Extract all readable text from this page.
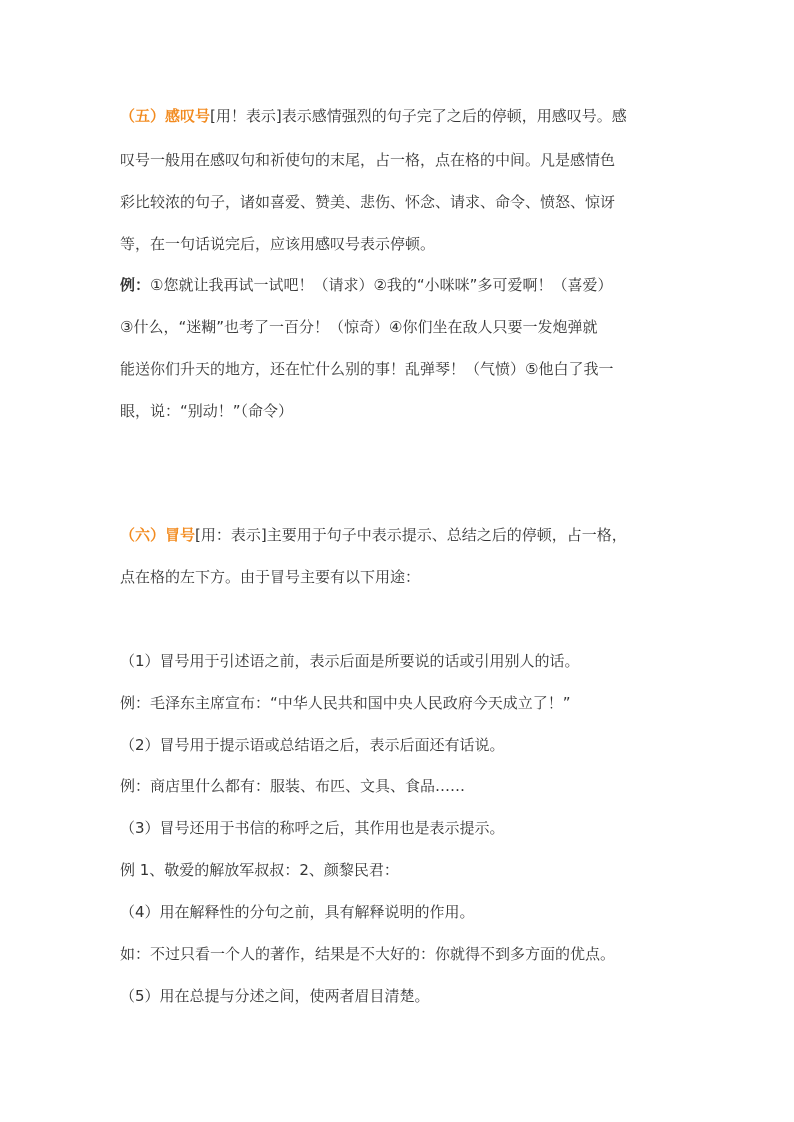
（五）感叹号[用！表示]表示感情强烈的句子完了之后的停顿，用感叹号。感
叹号一般用在感叹句和祈使句的末尾，占一格，点在格的中间。凡是感情色
彩比较浓的句子，诸如喜爱、赞美、悲伤、怀念、请求、命令、愤怒、惊讶
等，在一句话说完后，应该用感叹号表示停顿。
例：①您就让我再试一试吧！（请求）②我的“小咪咪”多可爱啊！（喜爱）
③什么，“迷糊”也考了一百分！（惊奇）④你们坐在敌人只要一发炮弹就
能送你们升天的地方，还在忙什么别的事！乱弹琴！（气愤）⑤他白了我一
眼，说：“别动！”（命令）
（六）冒号[用：表示]主要用于句子中表示提示、总结之后的停顿，占一格，
点在格的左下方。由于冒号主要有以下用途：
（1）冒号用于引述语之前，表示后面是所要说的话或引用别人的话。
例：毛泽东主席宣布：“中华人民共和国中央人民政府今天成立了！”
（2）冒号用于提示语或总结语之后，表示后面还有话说。
例：商店里什么都有：服装、布匹、文具、食品……
（3）冒号还用于书信的称呼之后，其作用也是表示提示。
例 1、敬爱的解放军叔叔：2、颜黎民君：
（4）用在解释性的分句之前，具有解释说明的作用。
如：不过只看一个人的著作，结果是不大好的：你就得不到多方面的优点。
（5）用在总提与分述之间，使两者眉目清楚。
